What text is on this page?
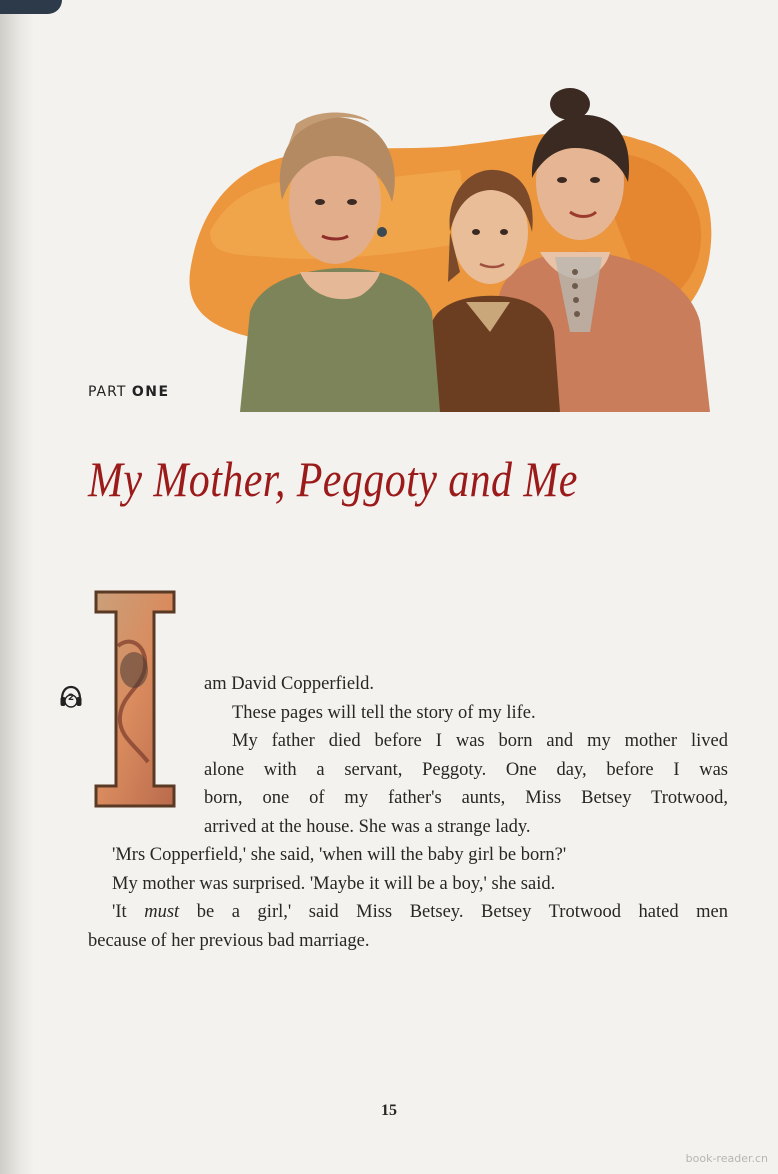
PART ONE
My Mother, Peggoty and Me
2
am David Copperfield.
These pages will tell the story of my life.
My father died before I was born and my mother lived
alone with a servant, Peggoty. One day, before I was
born, one of my father's aunts, Miss Betsey Trotwood,
arrived at the house. She was a strange lady.
'Mrs Copperfield,' she said, 'when will the baby girl be born?'
My mother was surprised. 'Maybe it will be a boy,' she said.
'It must be a girl,' said Miss Betsey. Betsey Trotwood hated men
because of her previous bad marriage.
15
book-reader.cn
